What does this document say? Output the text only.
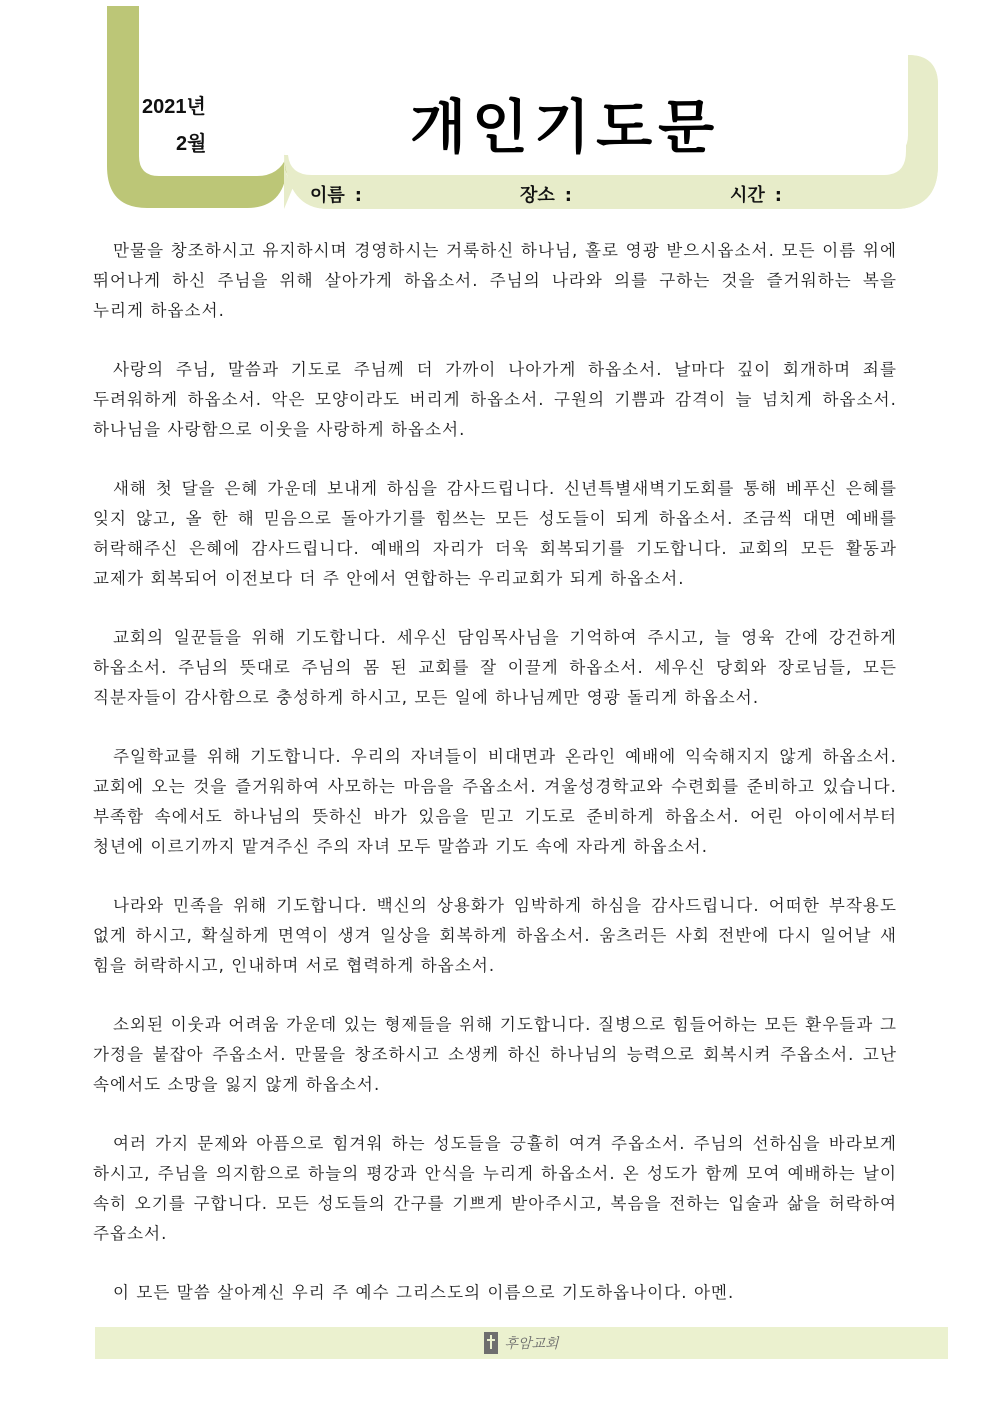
2021년
2월	개인기도문
이름 :	장소 :	시간 :

만물을 창조하시고 유지하시며 경영하시는 거룩하신 하나님, 홀로 영광 받으시옵소서. 모든 이름 위에 뛰어나게 하신 주님을 위해 살아가게 하옵소서. 주님의 나라와 의를 구하는 것을 즐거워하는 복을 누리게 하옵소서.

사랑의 주님, 말씀과 기도로 주님께 더 가까이 나아가게 하옵소서. 날마다 깊이 회개하며 죄를 두려워하게 하옵소서. 악은 모양이라도 버리게 하옵소서. 구원의 기쁨과 감격이 늘 넘치게 하옵소서. 하나님을 사랑함으로 이웃을 사랑하게 하옵소서.

새해 첫 달을 은혜 가운데 보내게 하심을 감사드립니다. 신년특별새벽기도회를 통해 베푸신 은혜를 잊지 않고, 올 한 해 믿음으로 돌아가기를 힘쓰는 모든 성도들이 되게 하옵소서. 조금씩 대면 예배를 허락해주신 은혜에 감사드립니다. 예배의 자리가 더욱 회복되기를 기도합니다. 교회의 모든 활동과 교제가 회복되어 이전보다 더 주 안에서 연합하는 우리교회가 되게 하옵소서.

교회의 일꾼들을 위해 기도합니다. 세우신 담임목사님을 기억하여 주시고, 늘 영육 간에 강건하게 하옵소서. 주님의 뜻대로 주님의 몸 된 교회를 잘 이끌게 하옵소서. 세우신 당회와 장로님들, 모든 직분자들이 감사함으로 충성하게 하시고, 모든 일에 하나님께만 영광 돌리게 하옵소서.

주일학교를 위해 기도합니다. 우리의 자녀들이 비대면과 온라인 예배에 익숙해지지 않게 하옵소서. 교회에 오는 것을 즐거워하여 사모하는 마음을 주옵소서. 겨울성경학교와 수련회를 준비하고 있습니다. 부족함 속에서도 하나님의 뜻하신 바가 있음을 믿고 기도로 준비하게 하옵소서. 어린 아이에서부터 청년에 이르기까지 맡겨주신 주의 자녀 모두 말씀과 기도 속에 자라게 하옵소서.

나라와 민족을 위해 기도합니다. 백신의 상용화가 임박하게 하심을 감사드립니다. 어떠한 부작용도 없게 하시고, 확실하게 면역이 생겨 일상을 회복하게 하옵소서. 움츠러든 사회 전반에 다시 일어날 새 힘을 허락하시고, 인내하며 서로 협력하게 하옵소서.

소외된 이웃과 어려움 가운데 있는 형제들을 위해 기도합니다. 질병으로 힘들어하는 모든 환우들과 그 가정을 붙잡아 주옵소서. 만물을 창조하시고 소생케 하신 하나님의 능력으로 회복시켜 주옵소서. 고난 속에서도 소망을 잃지 않게 하옵소서.

여러 가지 문제와 아픔으로 힘겨워 하는 성도들을 긍휼히 여겨 주옵소서. 주님의 선하심을 바라보게 하시고, 주님을 의지함으로 하늘의 평강과 안식을 누리게 하옵소서. 온 성도가 함께 모여 예배하는 날이 속히 오기를 구합니다. 모든 성도들의 간구를 기쁘게 받아주시고, 복음을 전하는 입술과 삶을 허락하여 주옵소서.

이 모든 말씀 살아계신 우리 주 예수 그리스도의 이름으로 기도하옵나이다. 아멘.

후암교회
